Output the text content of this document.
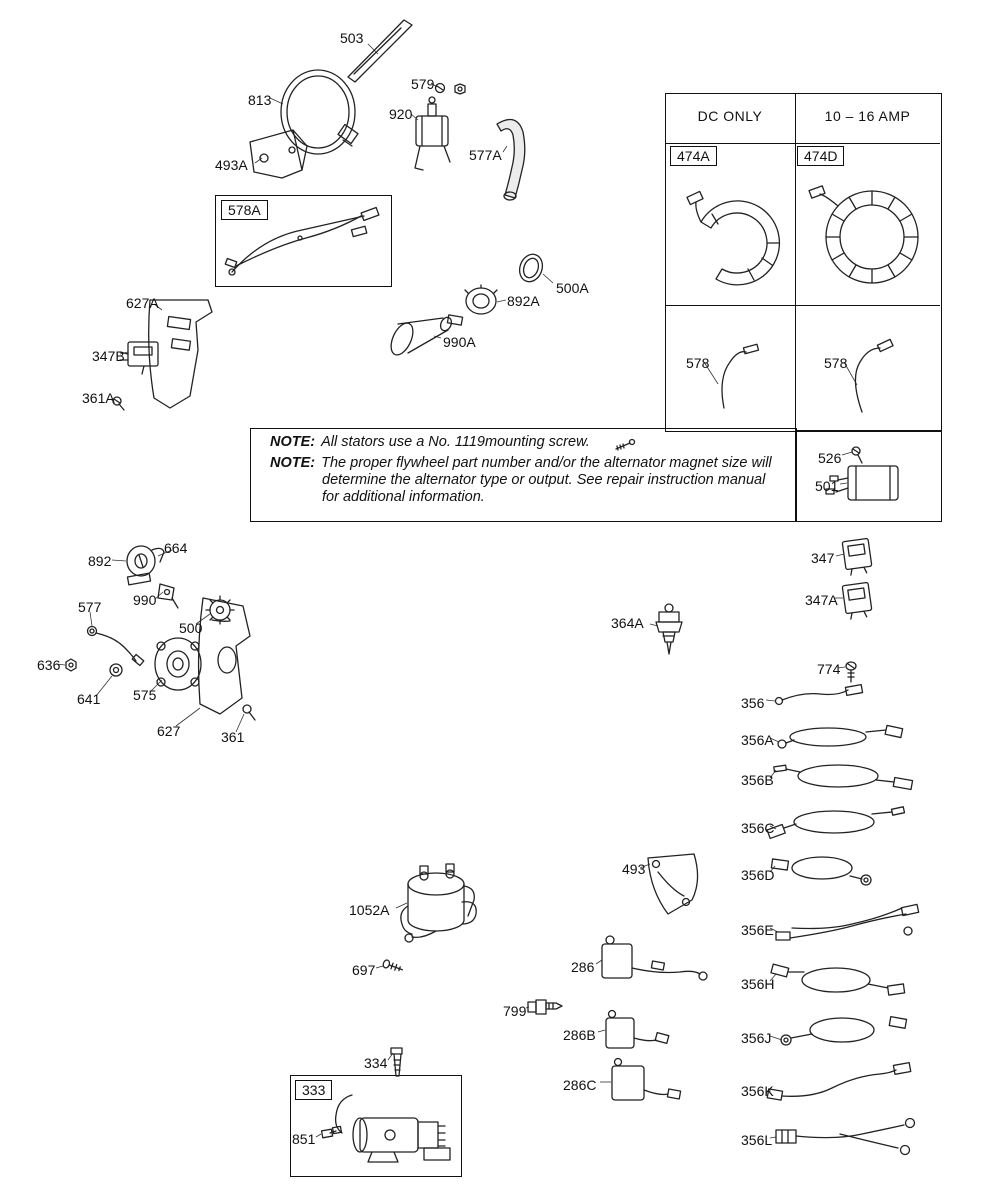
DC ONLY	10 – 16 AMP
578A
474A	474D
333
503
813
579
920
493A
577A
627A
347B
361A
892A
500A
990A
578	578
526
501
664
892
577 990
500
636
641 575
627	361
364A
347
347A
774
356
356A
356B
356C
356D
356E
356H
356J
356K
356L
1052A
697
493
286
799
286B
286C
334
851
NOTE: All stators use a No. 1119mounting screw.
NOTE: The proper flywheel part number and/or the alternator magnet size will
determine the alternator type or output. See repair instruction manual
for additional information.
